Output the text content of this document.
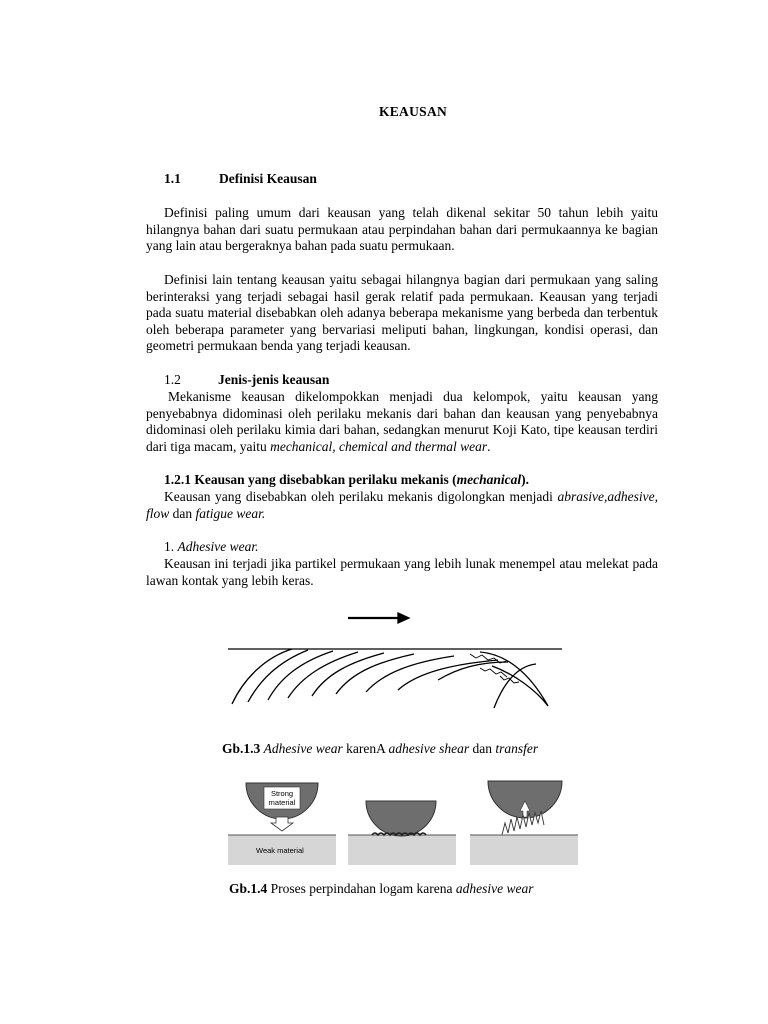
KEAUSAN
1.1	Definisi Keausan
Definisi paling umum dari keausan yang telah dikenal sekitar 50 tahun lebih yaitu hilangnya bahan dari suatu permukaan atau perpindahan bahan dari permukaannya ke bagian yang lain atau bergeraknya bahan pada suatu permukaan.
Definisi lain tentang keausan yaitu sebagai hilangnya bagian dari permukaan yang saling berinteraksi yang terjadi sebagai hasil gerak relatif pada permukaan. Keausan yang terjadi pada suatu material disebabkan oleh adanya beberapa mekanisme yang berbeda dan terbentuk oleh beberapa parameter yang bervariasi meliputi bahan, lingkungan, kondisi operasi, dan geometri permukaan benda yang terjadi keausan.
1.2	Jenis-jenis keausan
Mekanisme keausan dikelompokkan menjadi dua kelompok, yaitu keausan yang penyebabnya didominasi oleh perilaku mekanis dari bahan dan keausan yang penyebabnya didominasi oleh perilaku kimia dari bahan, sedangkan menurut Koji Kato, tipe keausan terdiri dari tiga macam, yaitu mechanical, chemical and thermal wear.
1.2.1 Keausan yang disebabkan perilaku mekanis (mechanical).
Keausan yang disebabkan oleh perilaku mekanis digolongkan menjadi abrasive,adhesive, flow dan fatigue wear.
1. Adhesive wear.
Keausan ini terjadi jika partikel permukaan yang lebih lunak menempel atau melekat pada lawan kontak yang lebih keras.
Gb.1.3 Adhesive wear karenA adhesive shear dan transfer
Strong
material
Weak material
Gb.1.4 Proses perpindahan logam karena adhesive wear
